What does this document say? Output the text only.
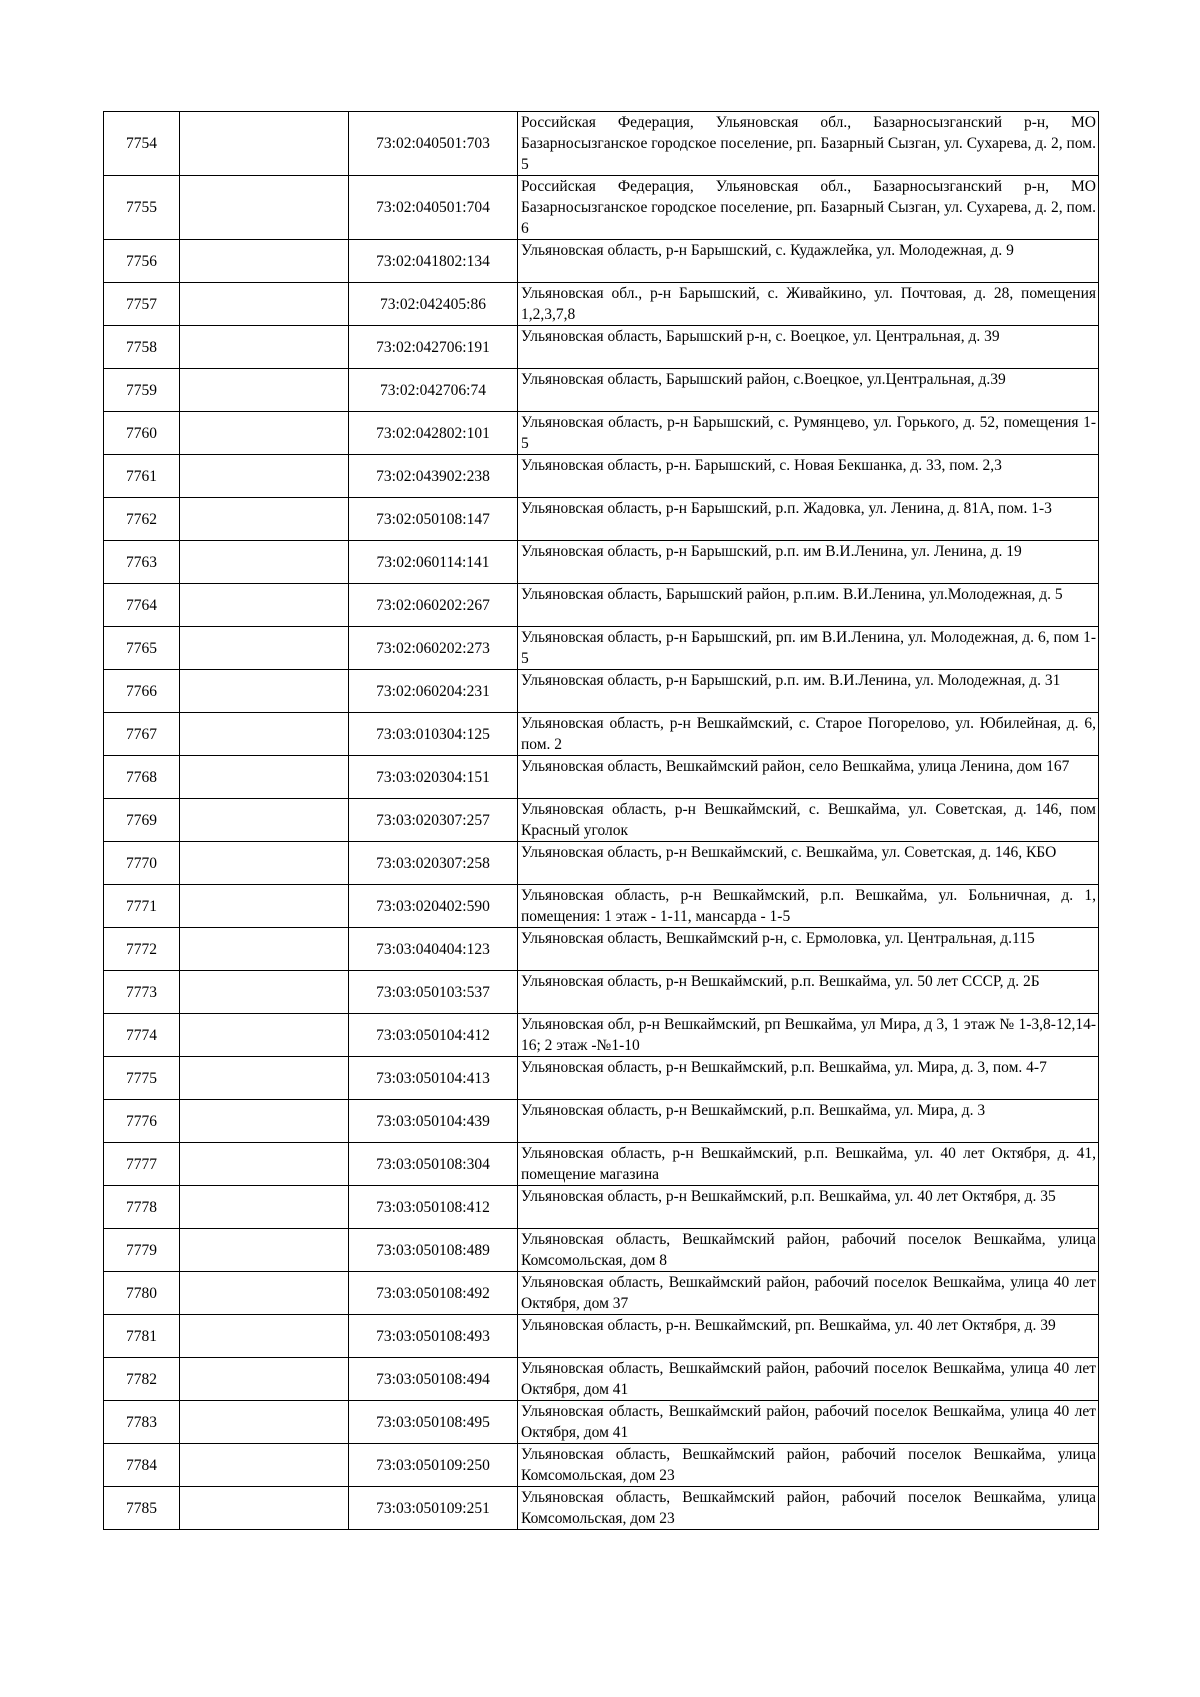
7754		73:02:040501:703	Российская Федерация, Ульяновская обл., Базарносызганский р-н, МО Базарносызганское городское поселение, рп. Базарный Сызган, ул. Сухарева, д. 2, пом. 5
7755		73:02:040501:704	Российская Федерация, Ульяновская обл., Базарносызганский р-н, МО Базарносызганское городское поселение, рп. Базарный Сызган, ул. Сухарева, д. 2, пом. 6
7756		73:02:041802:134	Ульяновская область, р-н Барышский, с. Кудажлейка, ул. Молодежная, д. 9
7757		73:02:042405:86	Ульяновская обл., р-н Барышский, с. Живайкино, ул. Почтовая, д. 28, помещения 1,2,3,7,8
7758		73:02:042706:191	Ульяновская область, Барышский р-н, с. Воецкое, ул. Центральная, д. 39
7759		73:02:042706:74	Ульяновская область, Барышский район, с.Воецкое, ул.Центральная, д.39
7760		73:02:042802:101	Ульяновская область, р-н Барышский, с. Румянцево, ул. Горького, д. 52, помещения 1-5
7761		73:02:043902:238	Ульяновская область, р-н. Барышский, с. Новая Бекшанка, д. 33, пом. 2,3
7762		73:02:050108:147	Ульяновская область, р-н Барышский, р.п. Жадовка, ул. Ленина, д. 81А, пом. 1-3
7763		73:02:060114:141	Ульяновская область, р-н Барышский, р.п. им В.И.Ленина, ул. Ленина, д. 19
7764		73:02:060202:267	Ульяновская область, Барышский район, р.п.им. В.И.Ленина, ул.Молодежная, д. 5
7765		73:02:060202:273	Ульяновская область, р-н Барышский, рп. им В.И.Ленина, ул. Молодежная, д. 6, пом 1-5
7766		73:02:060204:231	Ульяновская область, р-н Барышский, р.п. им. В.И.Ленина, ул. Молодежная, д. 31
7767		73:03:010304:125	Ульяновская область, р-н Вешкаймский, с. Старое Погорелово, ул. Юбилейная, д. 6, пом. 2
7768		73:03:020304:151	Ульяновская область, Вешкаймский район, село Вешкайма, улица Ленина, дом 167
7769		73:03:020307:257	Ульяновская область, р-н Вешкаймский, с. Вешкайма, ул. Советская, д. 146, пом Красный уголок
7770		73:03:020307:258	Ульяновская область, р-н Вешкаймский, с. Вешкайма, ул. Советская, д. 146, КБО
7771		73:03:020402:590	Ульяновская область, р-н Вешкаймский, р.п. Вешкайма, ул. Больничная, д. 1, помещения: 1 этаж - 1-11, мансарда - 1-5
7772		73:03:040404:123	Ульяновская область, Вешкаймский р-н, с. Ермоловка, ул. Центральная, д.115
7773		73:03:050103:537	Ульяновская область, р-н Вешкаймский, р.п. Вешкайма, ул. 50 лет СССР, д. 2Б
7774		73:03:050104:412	Ульяновская обл, р-н Вешкаймский, рп Вешкайма, ул Мира, д 3, 1 этаж № 1-3,8-12,14-16; 2 этаж -№1-10
7775		73:03:050104:413	Ульяновская область, р-н Вешкаймский, р.п. Вешкайма, ул. Мира, д. 3, пом. 4-7
7776		73:03:050104:439	Ульяновская область, р-н Вешкаймский, р.п. Вешкайма, ул. Мира, д. 3
7777		73:03:050108:304	Ульяновская область, р-н Вешкаймский, р.п. Вешкайма, ул. 40 лет Октября, д. 41, помещение магазина
7778		73:03:050108:412	Ульяновская область, р-н Вешкаймский, р.п. Вешкайма, ул. 40 лет Октября, д. 35
7779		73:03:050108:489	Ульяновская область, Вешкаймский район, рабочий поселок Вешкайма, улица Комсомольская, дом 8
7780		73:03:050108:492	Ульяновская область, Вешкаймский район, рабочий поселок Вешкайма, улица 40 лет Октября, дом 37
7781		73:03:050108:493	Ульяновская область, р-н. Вешкаймский, рп. Вешкайма, ул. 40 лет Октября, д. 39
7782		73:03:050108:494	Ульяновская область, Вешкаймский район, рабочий поселок Вешкайма, улица 40 лет Октября, дом 41
7783		73:03:050108:495	Ульяновская область, Вешкаймский район, рабочий поселок Вешкайма, улица 40 лет Октября, дом 41
7784		73:03:050109:250	Ульяновская область, Вешкаймский район, рабочий поселок Вешкайма, улица Комсомольская, дом 23
7785		73:03:050109:251	Ульяновская область, Вешкаймский район, рабочий поселок Вешкайма, улица Комсомольская, дом 23
